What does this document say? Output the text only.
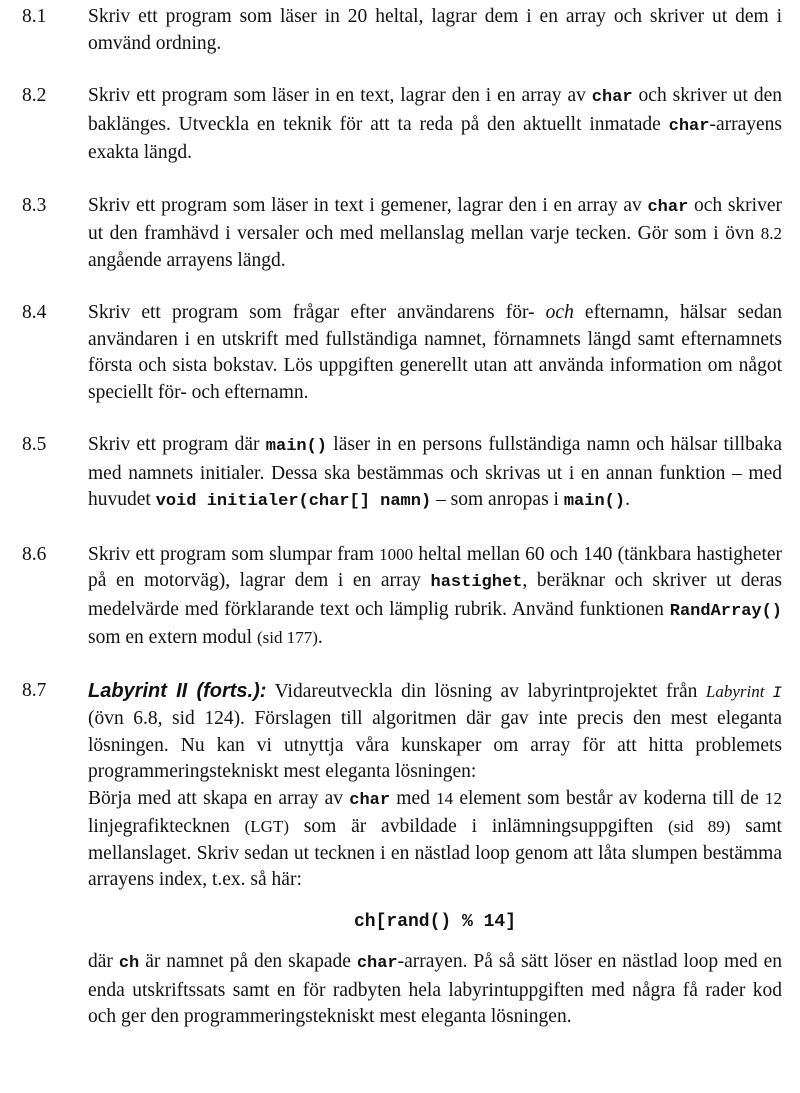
8.1	Skriv ett program som läser in 20 heltal, lagrar dem i en array och skriver ut dem i omvänd ordning.

8.2	Skriv ett program som läser in en text, lagrar den i en array av char och skriver ut den baklänges. Utveckla en teknik för att ta reda på den aktuellt inmatade char-arrayens exakta längd.

8.3	Skriv ett program som läser in text i gemener, lagrar den i en array av char och skriver ut den framhävd i versaler och med mellanslag mellan varje tecken. Gör som i övn 8.2 angående arrayens längd.

8.4	Skriv ett program som frågar efter användarens för- och efternamn, hälsar sedan användaren i en utskrift med fullständiga namnet, förnamnets längd samt efternamnets första och sista bokstav. Lös uppgiften generellt utan att använda information om något speciellt för- och efternamn.

8.5	Skriv ett program där main() läser in en persons fullständiga namn och hälsar tillbaka med namnets initialer. Dessa ska bestämmas och skrivas ut i en annan funktion – med huvudet void initialer(char[] namn) – som anropas i main().

8.6	Skriv ett program som slumpar fram 1000 heltal mellan 60 och 140 (tänkbara hastigheter på en motorväg), lagrar dem i en array hastighet, beräknar och skriver ut deras medelvärde med förklarande text och lämplig rubrik. Använd funktionen RandArray() som en extern modul (sid 177).

8.7	Labyrint II (forts.): Vidareutveckla din lösning av labyrintprojektet från Labyrint I (övn 6.8, sid 124). Förslagen till algoritmen där gav inte precis den mest eleganta lösningen. Nu kan vi utnyttja våra kunskaper om array för att hitta problemets programmeringstekniskt mest eleganta lösningen:

Börja med att skapa en array av char med 14 element som består av koderna till de 12 linjegrafiktecknen (LGT) som är avbildade i inlämningsuppgiften (sid 89) samt mellanslaget. Skriv sedan ut tecknen i en nästlad loop genom att låta slumpen bestämma arrayens index, t.ex. så här:

ch[rand() % 14]

där ch är namnet på den skapade char-arrayen. På så sätt löser en nästlad loop med en enda utskriftssats samt en för radbyten hela labyrintuppgiften med några få rader kod och ger den programmeringstekniskt mest eleganta lösningen.
